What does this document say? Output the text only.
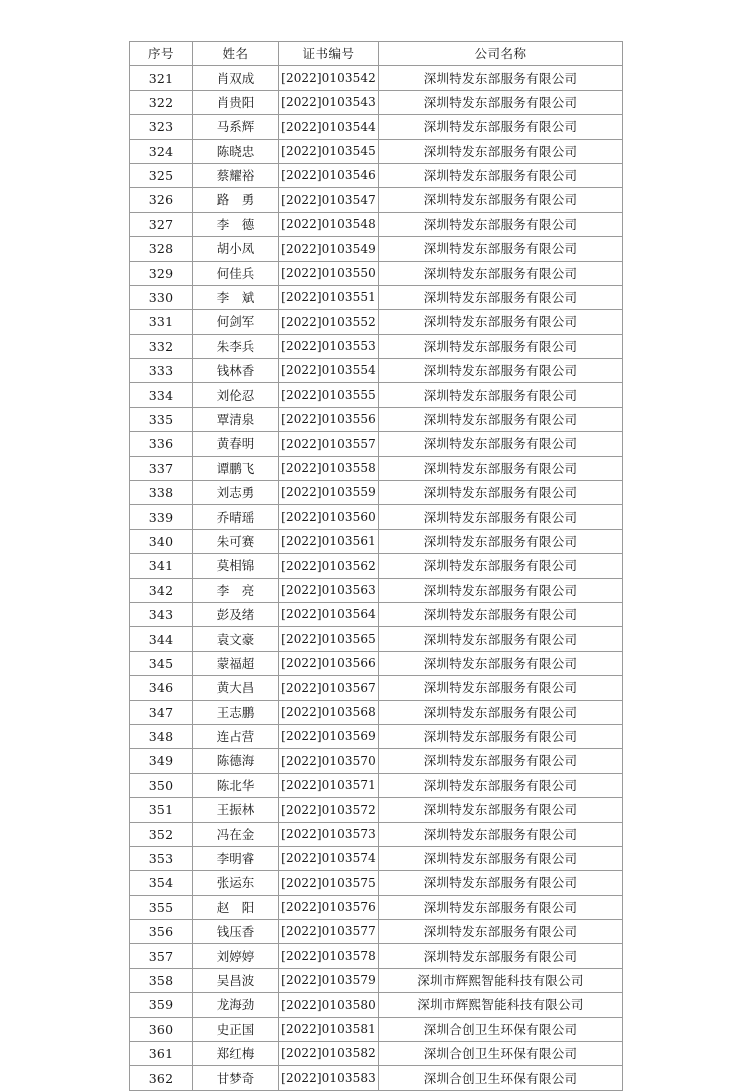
序号	姓名	证书编号	公司名称
321	肖双成	[2022]0103542	深圳特发东部服务有限公司
322	肖贵阳	[2022]0103543	深圳特发东部服务有限公司
323	马系辉	[2022]0103544	深圳特发东部服务有限公司
324	陈晓忠	[2022]0103545	深圳特发东部服务有限公司
325	蔡耀裕	[2022]0103546	深圳特发东部服务有限公司
326	路　勇	[2022]0103547	深圳特发东部服务有限公司
327	李　德	[2022]0103548	深圳特发东部服务有限公司
328	胡小凤	[2022]0103549	深圳特发东部服务有限公司
329	何佳兵	[2022]0103550	深圳特发东部服务有限公司
330	李　斌	[2022]0103551	深圳特发东部服务有限公司
331	何剑军	[2022]0103552	深圳特发东部服务有限公司
332	朱李兵	[2022]0103553	深圳特发东部服务有限公司
333	钱林香	[2022]0103554	深圳特发东部服务有限公司
334	刘伦忍	[2022]0103555	深圳特发东部服务有限公司
335	覃清泉	[2022]0103556	深圳特发东部服务有限公司
336	黄春明	[2022]0103557	深圳特发东部服务有限公司
337	谭鹏飞	[2022]0103558	深圳特发东部服务有限公司
338	刘志勇	[2022]0103559	深圳特发东部服务有限公司
339	乔晴瑶	[2022]0103560	深圳特发东部服务有限公司
340	朱可赛	[2022]0103561	深圳特发东部服务有限公司
341	莫相锦	[2022]0103562	深圳特发东部服务有限公司
342	李　亮	[2022]0103563	深圳特发东部服务有限公司
343	彭及绪	[2022]0103564	深圳特发东部服务有限公司
344	袁文豪	[2022]0103565	深圳特发东部服务有限公司
345	蒙福超	[2022]0103566	深圳特发东部服务有限公司
346	黄大昌	[2022]0103567	深圳特发东部服务有限公司
347	王志鹏	[2022]0103568	深圳特发东部服务有限公司
348	连占营	[2022]0103569	深圳特发东部服务有限公司
349	陈德海	[2022]0103570	深圳特发东部服务有限公司
350	陈北华	[2022]0103571	深圳特发东部服务有限公司
351	王振林	[2022]0103572	深圳特发东部服务有限公司
352	冯在金	[2022]0103573	深圳特发东部服务有限公司
353	李明睿	[2022]0103574	深圳特发东部服务有限公司
354	张运东	[2022]0103575	深圳特发东部服务有限公司
355	赵　阳	[2022]0103576	深圳特发东部服务有限公司
356	钱压香	[2022]0103577	深圳特发东部服务有限公司
357	刘婷婷	[2022]0103578	深圳特发东部服务有限公司
358	吴昌波	[2022]0103579	深圳市辉熙智能科技有限公司
359	龙海劲	[2022]0103580	深圳市辉熙智能科技有限公司
360	史正国	[2022]0103581	深圳合创卫生环保有限公司
361	郑红梅	[2022]0103582	深圳合创卫生环保有限公司
362	甘梦奇	[2022]0103583	深圳合创卫生环保有限公司
